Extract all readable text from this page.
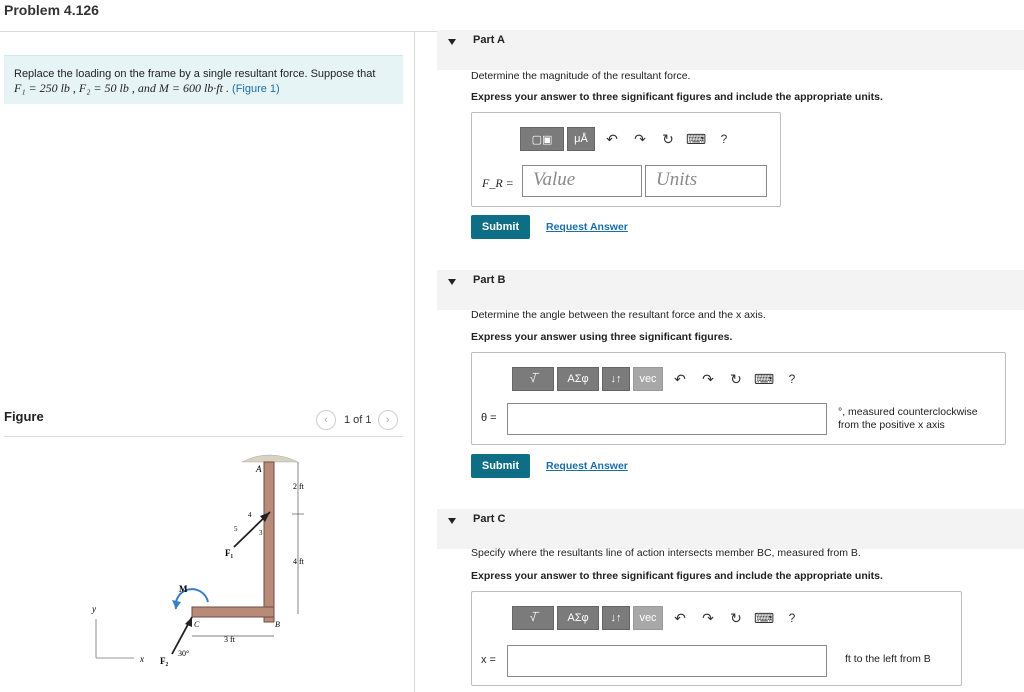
Problem 4.126
Replace the loading on the frame by a single resultant force. Suppose that
F₁ = 250 lb , F₂ = 50 lb , and M = 600 lb·ft . (Figure 1)
Figure	‹	1 of 1	›
A
B
C
M
F₁
F₂
2 ft
4 ft
3 ft
30°
5	3
4
y
x
Part A
Determine the magnitude of the resultant force.
Express your answer to three significant figures and include the appropriate units.
▢▣	μÅ	↶	↷	↻ ⌨	?
F_R = Value	Units
Submit	Request Answer
Part B
Determine the angle between the resultant force and the x axis.
Express your answer using three significant figures.
√̅	ΑΣφ	↓↑	vec	↶	↷	↻ ⌨	?
θ =	°, measured counterclockwise
from the positive x axis
Submit	Request Answer
Part C
Specify where the resultants line of action intersects member BC, measured from B.
Express your answer to three significant figures and include the appropriate units.
√̅	ΑΣφ	↓↑	vec	↶	↷	↻ ⌨	?
x =	ft to the left from B
